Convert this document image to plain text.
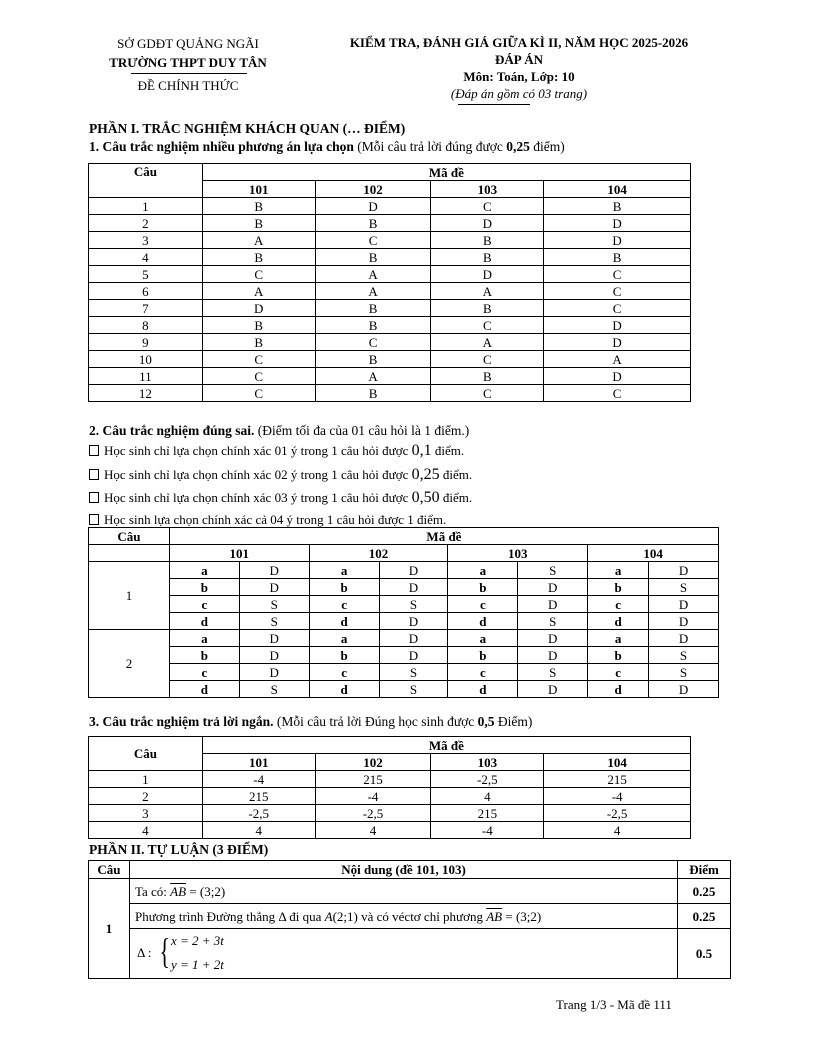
SỞ GDĐT QUẢNG NGÃI
TRƯỜNG THPT DUY TÂN
ĐỀ CHÍNH THỨC
KIỂM TRA, ĐÁNH GIÁ GIỮA KÌ II, NĂM HỌC 2025-2026
ĐÁP ÁN
Môn: Toán, Lớp: 10
(Đáp án gồm có 03 trang)
PHẦN I. TRẮC NGHIỆM KHÁCH QUAN (… ĐIỂM)
1. Câu trắc nghiệm nhiều phương án lựa chọn (Mỗi câu trả lời đúng được 0,25 điểm)
Câu	Mã đề			
	101	102	103	104
1	B	D	C	B
2	B	B	D	D
3	A	C	B	D
4	B	B	B	B
5	C	A	D	C
6	A	A	A	C
7	D	B	B	C
8	B	B	C	D
9	B	C	A	D
10	C	B	C	A
11	C	A	B	D
12	C	B	C	C
2. Câu trắc nghiệm đúng sai. (Điểm tối đa của 01 câu hỏi là 1 điểm.)
Học sinh chỉ lựa chọn chính xác 01 ý trong 1 câu hỏi được 0,1 điểm.
Học sinh chỉ lựa chọn chính xác 02 ý trong 1 câu hỏi được 0,25 điểm.
Học sinh chỉ lựa chọn chính xác 03 ý trong 1 câu hỏi được 0,50 điểm.
Học sinh lựa chọn chính xác cả 04 ý trong 1 câu hỏi được 1 điểm.
Câu	Mã đề							
	101		102		103		104	
1	a	D	a	D	a	S	a	D
	b	D	b	D	b	D	b	S
	c	S	c	S	c	D	c	D
	d	S	d	D	d	S	d	D
2	a	D	a	D	a	D	a	D
	b	D	b	D	b	D	b	S
	c	D	c	S	c	S	c	S
	d	S	d	S	d	D	d	D
3. Câu trắc nghiệm trả lời ngắn. (Mỗi câu trả lời Đúng học sinh được 0,5 Điểm)
Câu	Mã đề			
	101	102	103	104
1	-4	215	-2,5	215
2	215	-4	4	-4
3	-2,5	-2,5	215	-2,5
4	4	4	-4	4
PHẦN II. TỰ LUẬN (3 ĐIỂM)
Câu	Nội dung (đề 101, 103)	Điểm
1	Ta có: $\overline{AB}$ = (3;2)	0.25
	Phương trình Đường thẳng Δ đi qua A(2;1) và có véctơ chỉ phương $\overline{AB}$ = (3;2)	0.25

	Δ : { x = 2 + 3t
y = 1 + 2t	0.5
Trang 1/3 - Mã đề 111
